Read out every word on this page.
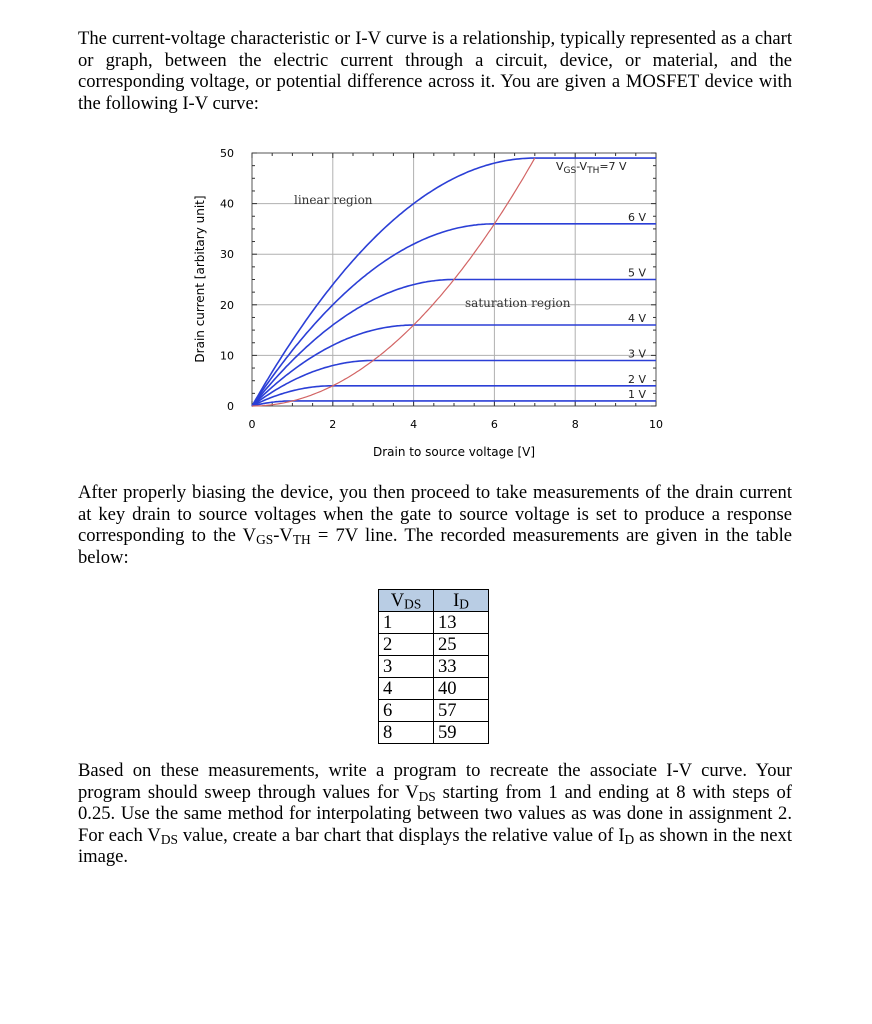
The current-voltage characteristic or I-V curve is a relationship, typically represented as a chart or graph, between the electric current through a circuit, device, or material, and the corresponding voltage, or potential difference across it. You are given a MOSFET device with the following I-V curve:

0	2	4	6	8	10
0
10
20
30
40
50
1 V
2 V
3 V
4 V
5 V
6 V
$V_{GS}-V_{TH}=7$ V
linear region
saturation region
Drain to source voltage [V]
Drain current [arbitary unit]

After properly biasing the device, you then proceed to take measurements of the drain current at key drain to source voltages when the gate to source voltage is set to produce a response corresponding to the $V_{GS}-V_{TH} = 7V$ line. The recorded measurements are given in the table below:

$V_{DS}$	$I_D$
1	13
2	25
3	33
4	40
6	57
8	59

Based on these measurements, write a program to recreate the associate I-V curve. Your program should sweep through values for $V_{DS}$ starting from 1 and ending at 8 with steps of 0.25. Use the same method for interpolating between two values as was done in assignment 2. For each $V_{DS}$ value, create a bar chart that displays the relative value of $I_D$ as shown in the next image.
